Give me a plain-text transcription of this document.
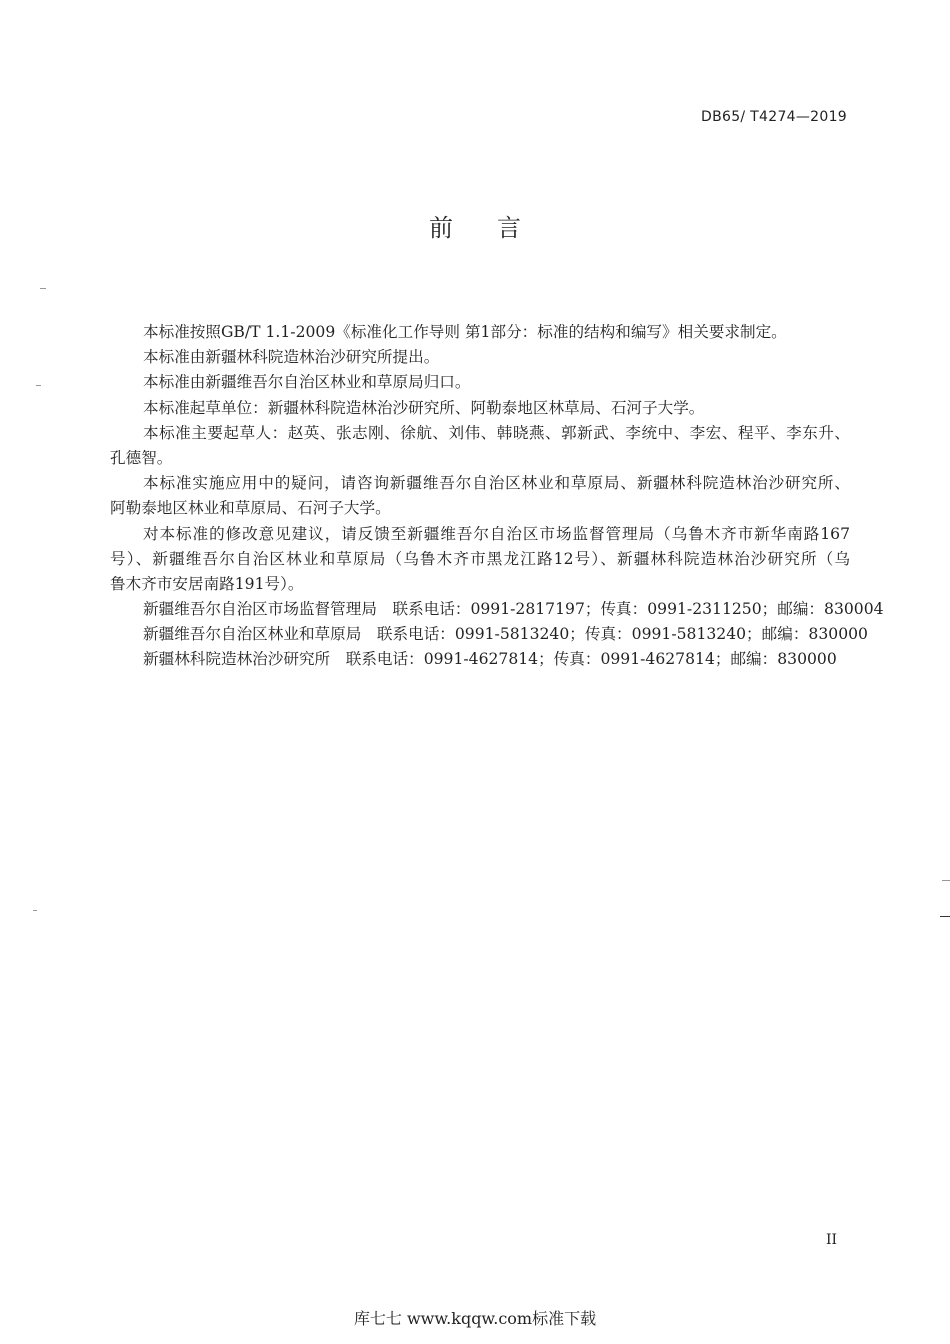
DB65/ T4274—2019
前言
本标准按照GB/T 1.1-2009《标准化工作导则 第1部分：标准的结构和编写》相关要求制定。
本标准由新疆林科院造林治沙研究所提出。
本标准由新疆维吾尔自治区林业和草原局归口。
本标准起草单位：新疆林科院造林治沙研究所、阿勒泰地区林草局、石河子大学。
本标准主要起草人：赵英、张志刚、徐航、刘伟、韩晓燕、郭新武、李统中、李宏、程平、李东升、
孔德智。
本标准实施应用中的疑问，请咨询新疆维吾尔自治区林业和草原局、新疆林科院造林治沙研究所、
阿勒泰地区林业和草原局、石河子大学。
对本标准的修改意见建议，请反馈至新疆维吾尔自治区市场监督管理局（乌鲁木齐市新华南路167
号）、新疆维吾尔自治区林业和草原局（乌鲁木齐市黑龙江路12号）、新疆林科院造林治沙研究所（乌
鲁木齐市安居南路191号）。
新疆维吾尔自治区市场监督管理局　联系电话：0991-2817197；传真：0991-2311250；邮编：830004
新疆维吾尔自治区林业和草原局　联系电话：0991-5813240；传真：0991-5813240；邮编：830000
新疆林科院造林治沙研究所　联系电话：0991-4627814；传真：0991-4627814；邮编：830000
II
库七七 www.kqqw.com标准下载
